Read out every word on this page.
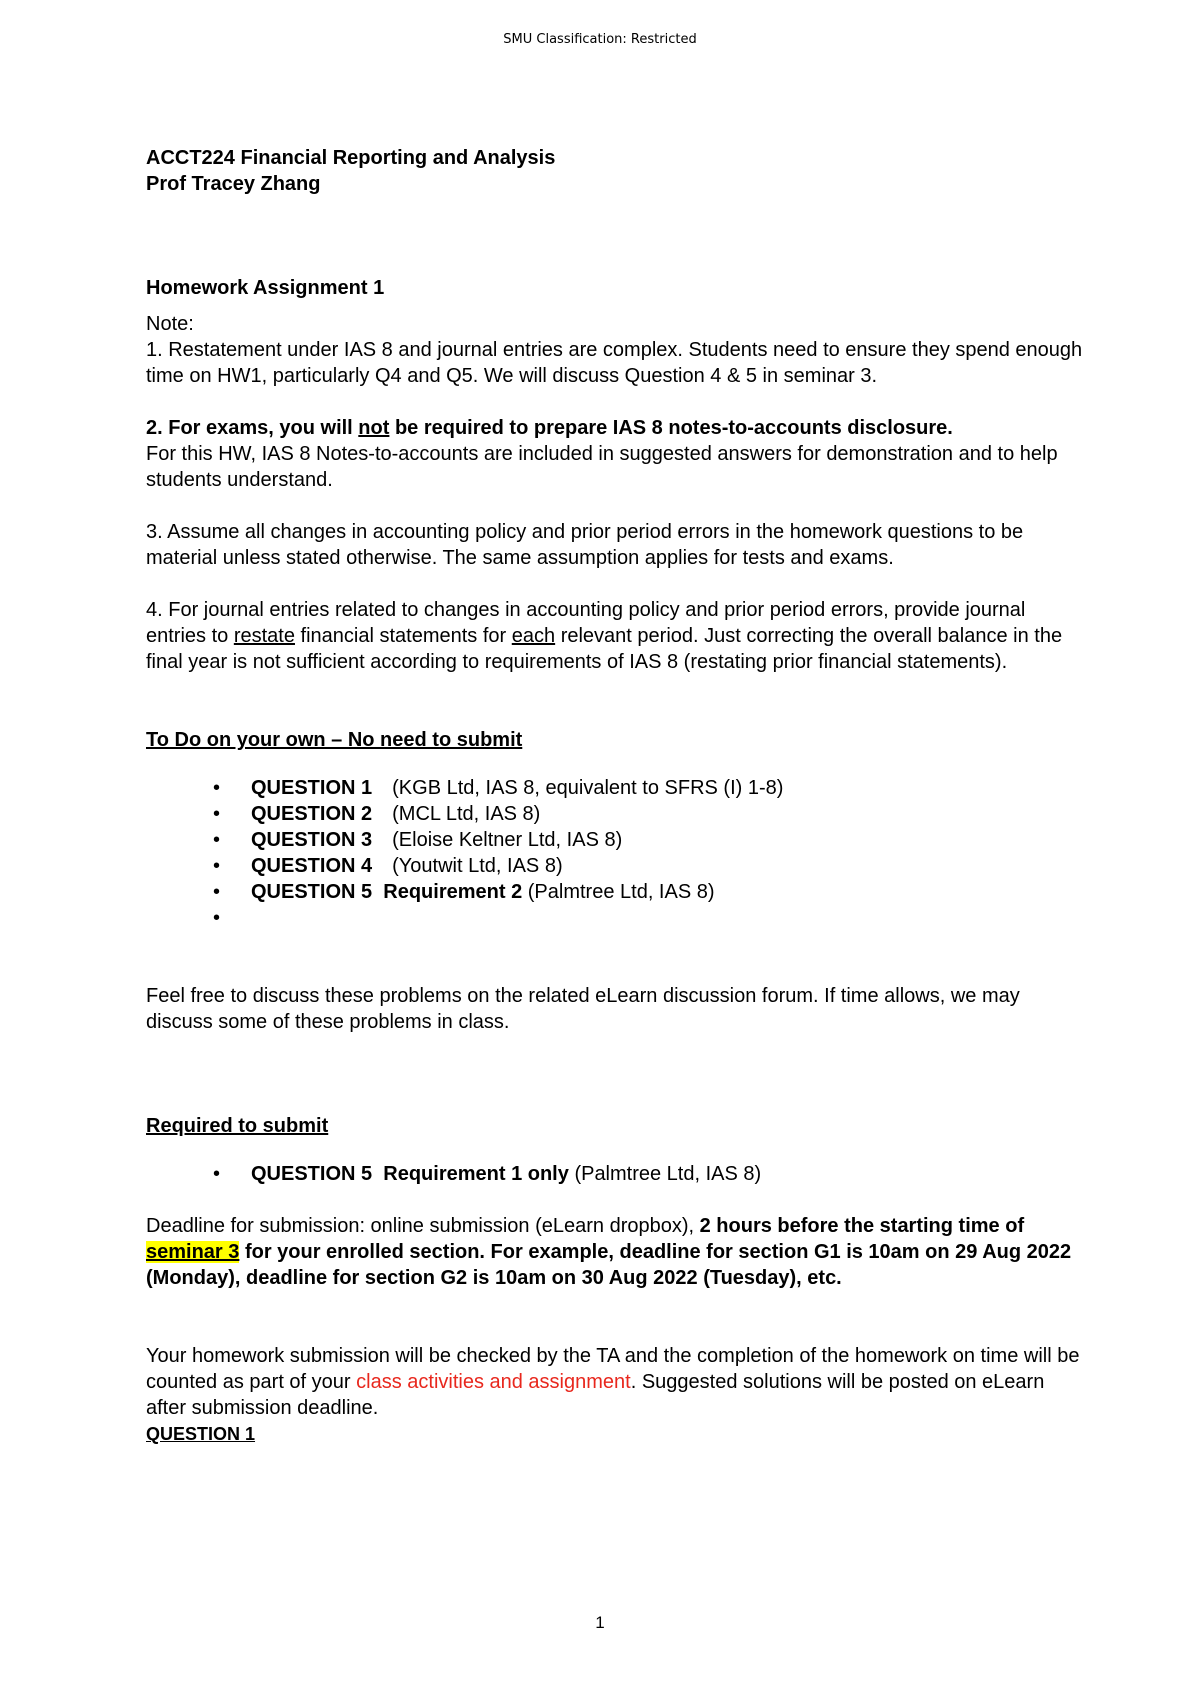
SMU Classification: Restricted
ACCT224 Financial Reporting and Analysis
Prof Tracey Zhang
Homework Assignment 1
Note:

1. Restatement under IAS 8 and journal entries are complex. Students need to ensure they spend enough time on HW1, particularly Q4 and Q5. We will discuss Question 4 & 5 in seminar 3.

2. For exams, you will not be required to prepare IAS 8 notes-to-accounts disclosure.
For this HW, IAS 8 Notes-to-accounts are included in suggested answers for demonstration and to help students understand.

3. Assume all changes in accounting policy and prior period errors in the homework questions to be material unless stated otherwise. The same assumption applies for tests and exams.

4. For journal entries related to changes in accounting policy and prior period errors, provide journal entries to restate financial statements for each relevant period. Just correcting the overall balance in the final year is not sufficient according to requirements of IAS 8 (restating prior financial statements).

To Do on your own – No need to submit
• QUESTION 1 (KGB Ltd, IAS 8, equivalent to SFRS (I) 1-8)
• QUESTION 2 (MCL Ltd, IAS 8)
• QUESTION 3 (Eloise Keltner Ltd, IAS 8)
• QUESTION 4 (Youtwit Ltd, IAS 8)
• QUESTION 5 Requirement 2 (Palmtree Ltd, IAS 8)
•

Feel free to discuss these problems on the related eLearn discussion forum. If time allows, we may discuss some of these problems in class.

Required to submit
• QUESTION 5 Requirement 1 only (Palmtree Ltd, IAS 8)

Deadline for submission: online submission (eLearn dropbox), 2 hours before the starting time of seminar 3 for your enrolled section. For example, deadline for section G1 is 10am on 29 Aug 2022 (Monday), deadline for section G2 is 10am on 30 Aug 2022 (Tuesday), etc.

Your homework submission will be checked by the TA and the completion of the homework on time will be counted as part of your class activities and assignment. Suggested solutions will be posted on eLearn after submission deadline.

QUESTION 1
1
